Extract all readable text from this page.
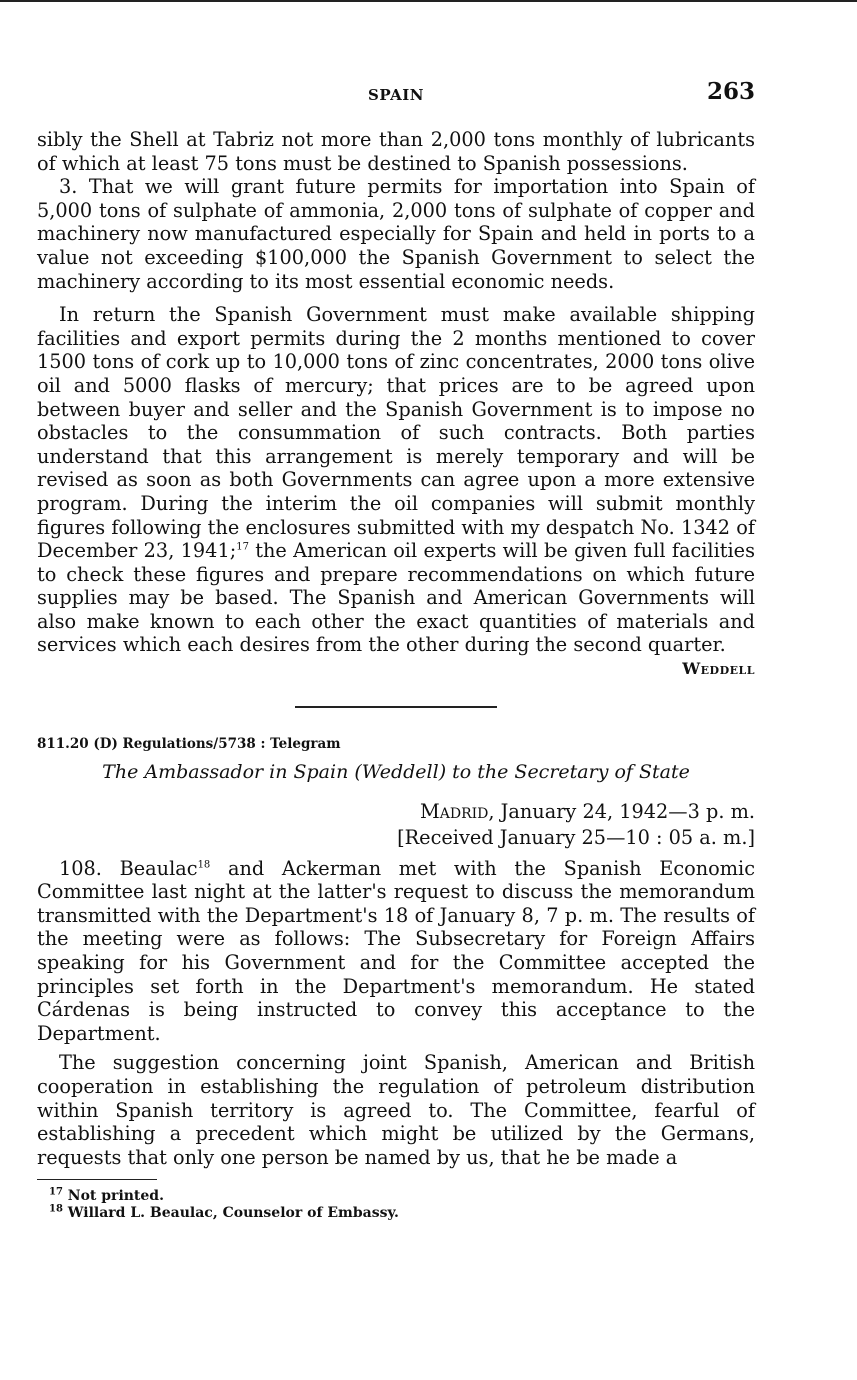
SPAIN	263

sibly the Shell at Tabriz not more than 2,000 tons monthly of lubricants of which at least 75 tons must be destined to Spanish possessions.

3. That we will grant future permits for importation into Spain of 5,000 tons of sulphate of ammonia, 2,000 tons of sulphate of copper and machinery now manufactured especially for Spain and held in ports to a value not exceeding $100,000 the Spanish Government to select the machinery according to its most essential economic needs.

In return the Spanish Government must make available shipping facilities and export permits during the 2 months mentioned to cover 1500 tons of cork up to 10,000 tons of zinc concentrates, 2000 tons olive oil and 5000 flasks of mercury; that prices are to be agreed upon between buyer and seller and the Spanish Government is to impose no obstacles to the consummation of such contracts. Both parties understand that this arrangement is merely temporary and will be revised as soon as both Governments can agree upon a more extensive program. During the interim the oil companies will submit monthly figures following the enclosures submitted with my despatch No. 1342 of December 23, 1941;$^{17}$ the American oil experts will be given full facilities to check these figures and prepare recommendations on which future supplies may be based. The Spanish and American Governments will also make known to each other the exact quantities of materials and services which each desires from the other during the second quarter.

Weddell
811.20 (D) Regulations/5738 : Telegram
The Ambassador in Spain (Weddell) to the Secretary of State
Madrid, January 24, 1942—3 p. m.
[Received January 25—10 : 05 a. m.]

108. Beaulac$^{18}$ and Ackerman met with the Spanish Economic Committee last night at the latter's request to discuss the memorandum transmitted with the Department's 18 of January 8, 7 p. m. The results of the meeting were as follows: The Subsecretary for Foreign Affairs speaking for his Government and for the Committee accepted the principles set forth in the Department's memorandum. He stated Cárdenas is being instructed to convey this acceptance to the Department.

The suggestion concerning joint Spanish, American and British cooperation in establishing the regulation of petroleum distribution within Spanish territory is agreed to. The Committee, fearful of establishing a precedent which might be utilized by the Germans, requests that only one person be named by us, that he be made a

$^{17}$ Not printed.
$^{18}$ Willard L. Beaulac, Counselor of Embassy.
